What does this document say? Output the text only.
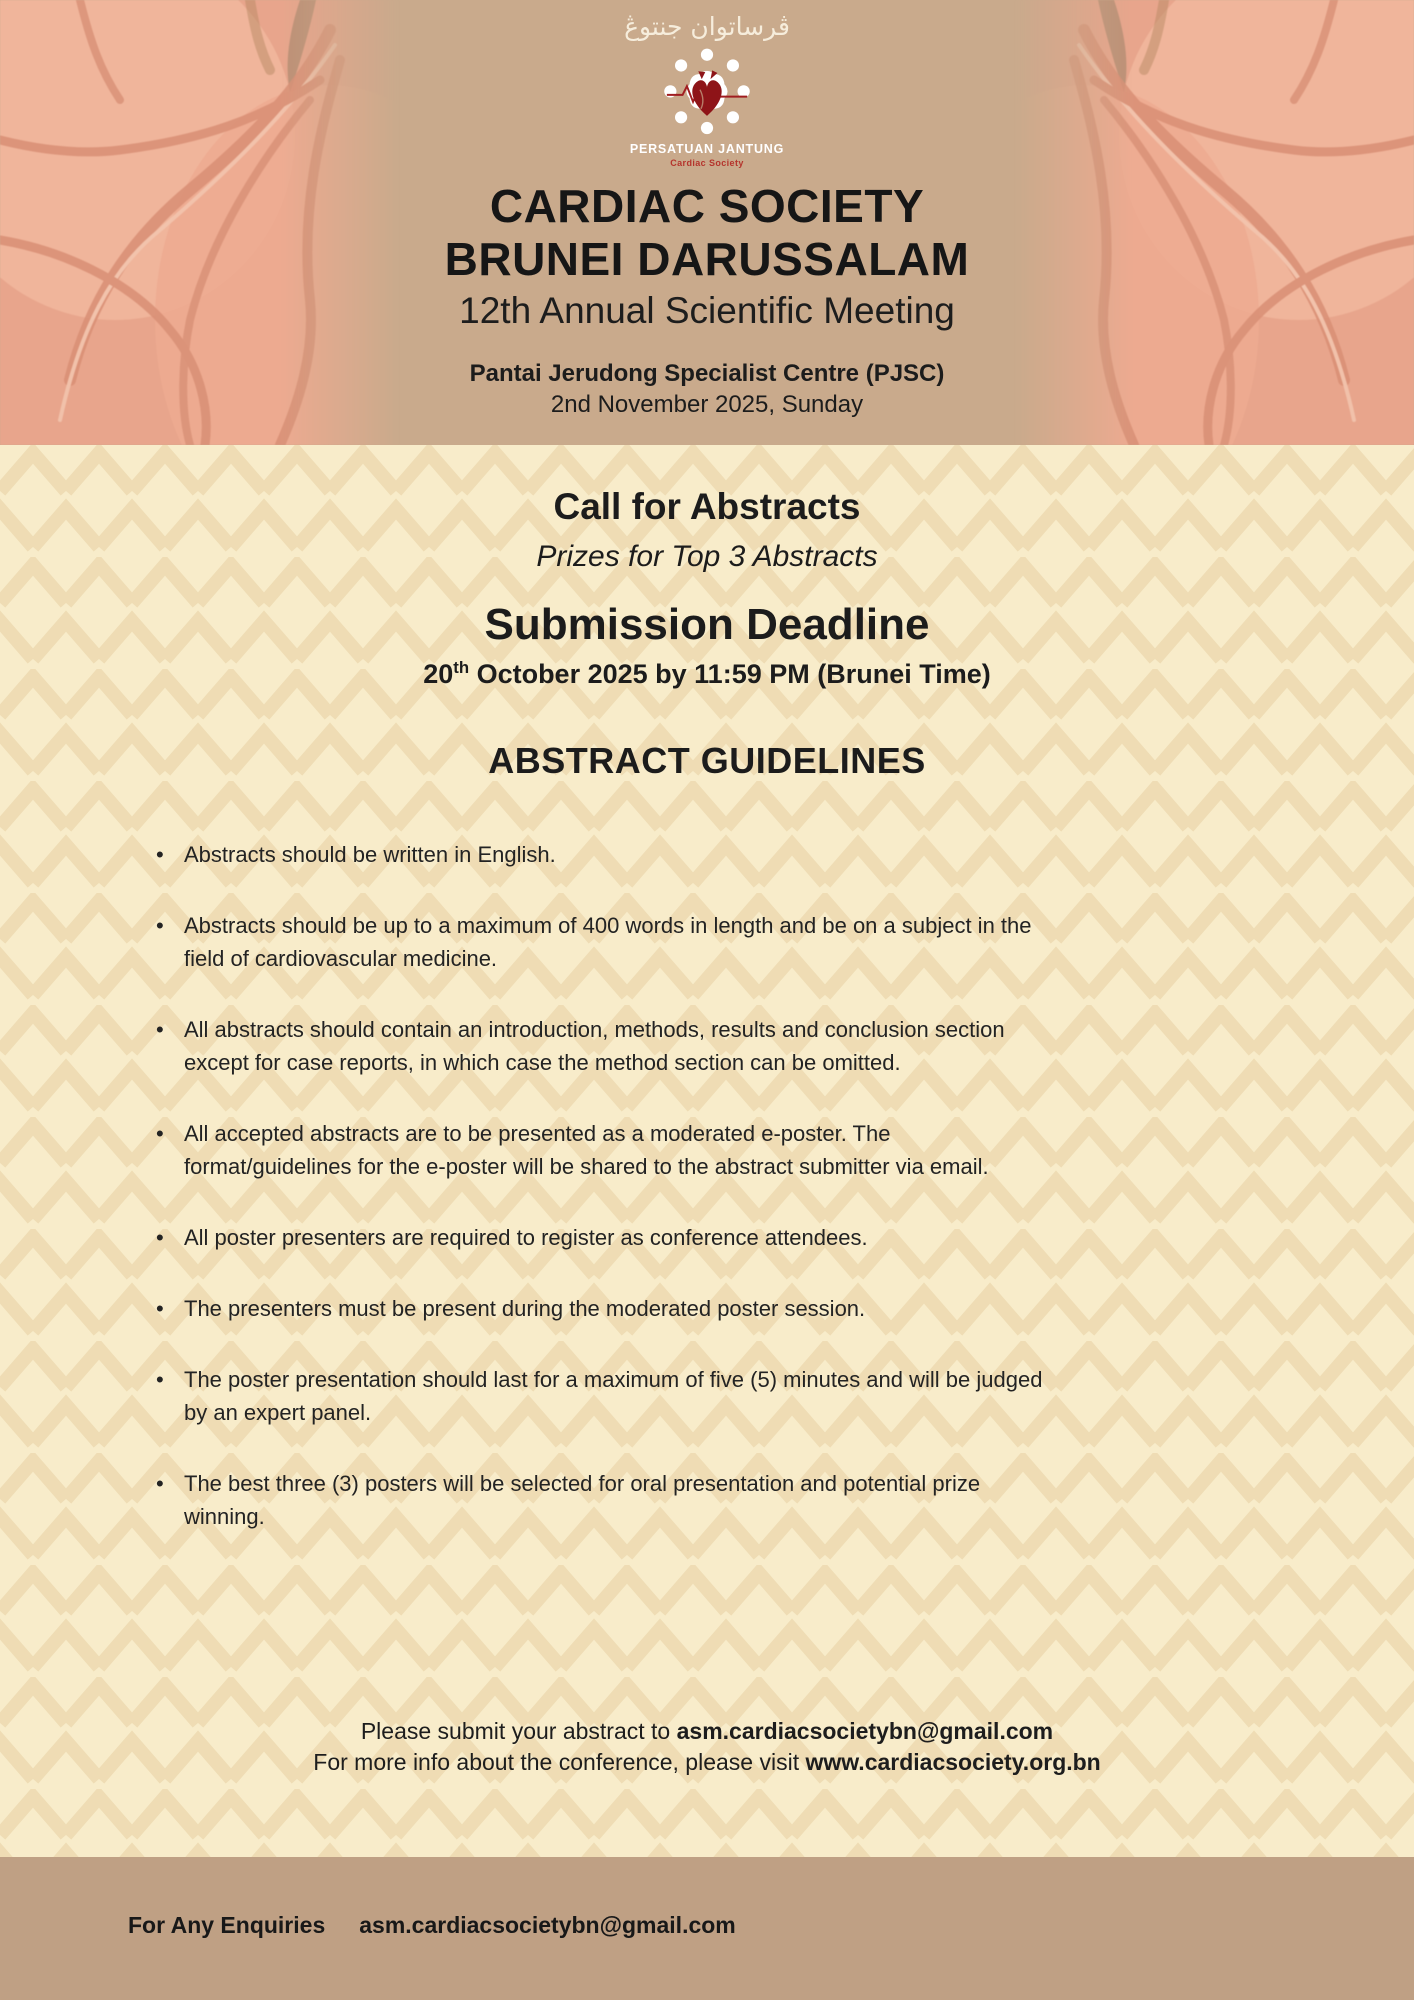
ڤرساتوان جنتوڠ
PERSATUAN JANTUNG
Cardiac Society
CARDIAC SOCIETY
BRUNEI DARUSSALAM
12th Annual Scientific Meeting
Pantai Jerudong Specialist Centre (PJSC)
2nd November 2025, Sunday
Call for Abstracts
Prizes for Top 3 Abstracts
Submission Deadline
20th October 2025 by 11:59 PM (Brunei Time)
ABSTRACT GUIDELINES
• Abstracts should be written in English.
• Abstracts should be up to a maximum of 400 words in length and be on a subject in the field of cardiovascular medicine.
• All abstracts should contain an introduction, methods, results and conclusion section except for case reports, in which case the method section can be omitted.
• All accepted abstracts are to be presented as a moderated e-poster. The format/guidelines for the e-poster will be shared to the abstract submitter via email.
• All poster presenters are required to register as conference attendees.
• The presenters must be present during the moderated poster session.
• The poster presentation should last for a maximum of five (5) minutes and will be judged by an expert panel.
• The best three (3) posters will be selected for oral presentation and potential prize winning.
Please submit your abstract to asm.cardiacsocietybn@gmail.com
For more info about the conference, please visit www.cardiacsociety.org.bn
For Any Enquiries asm.cardiacsocietybn@gmail.com
